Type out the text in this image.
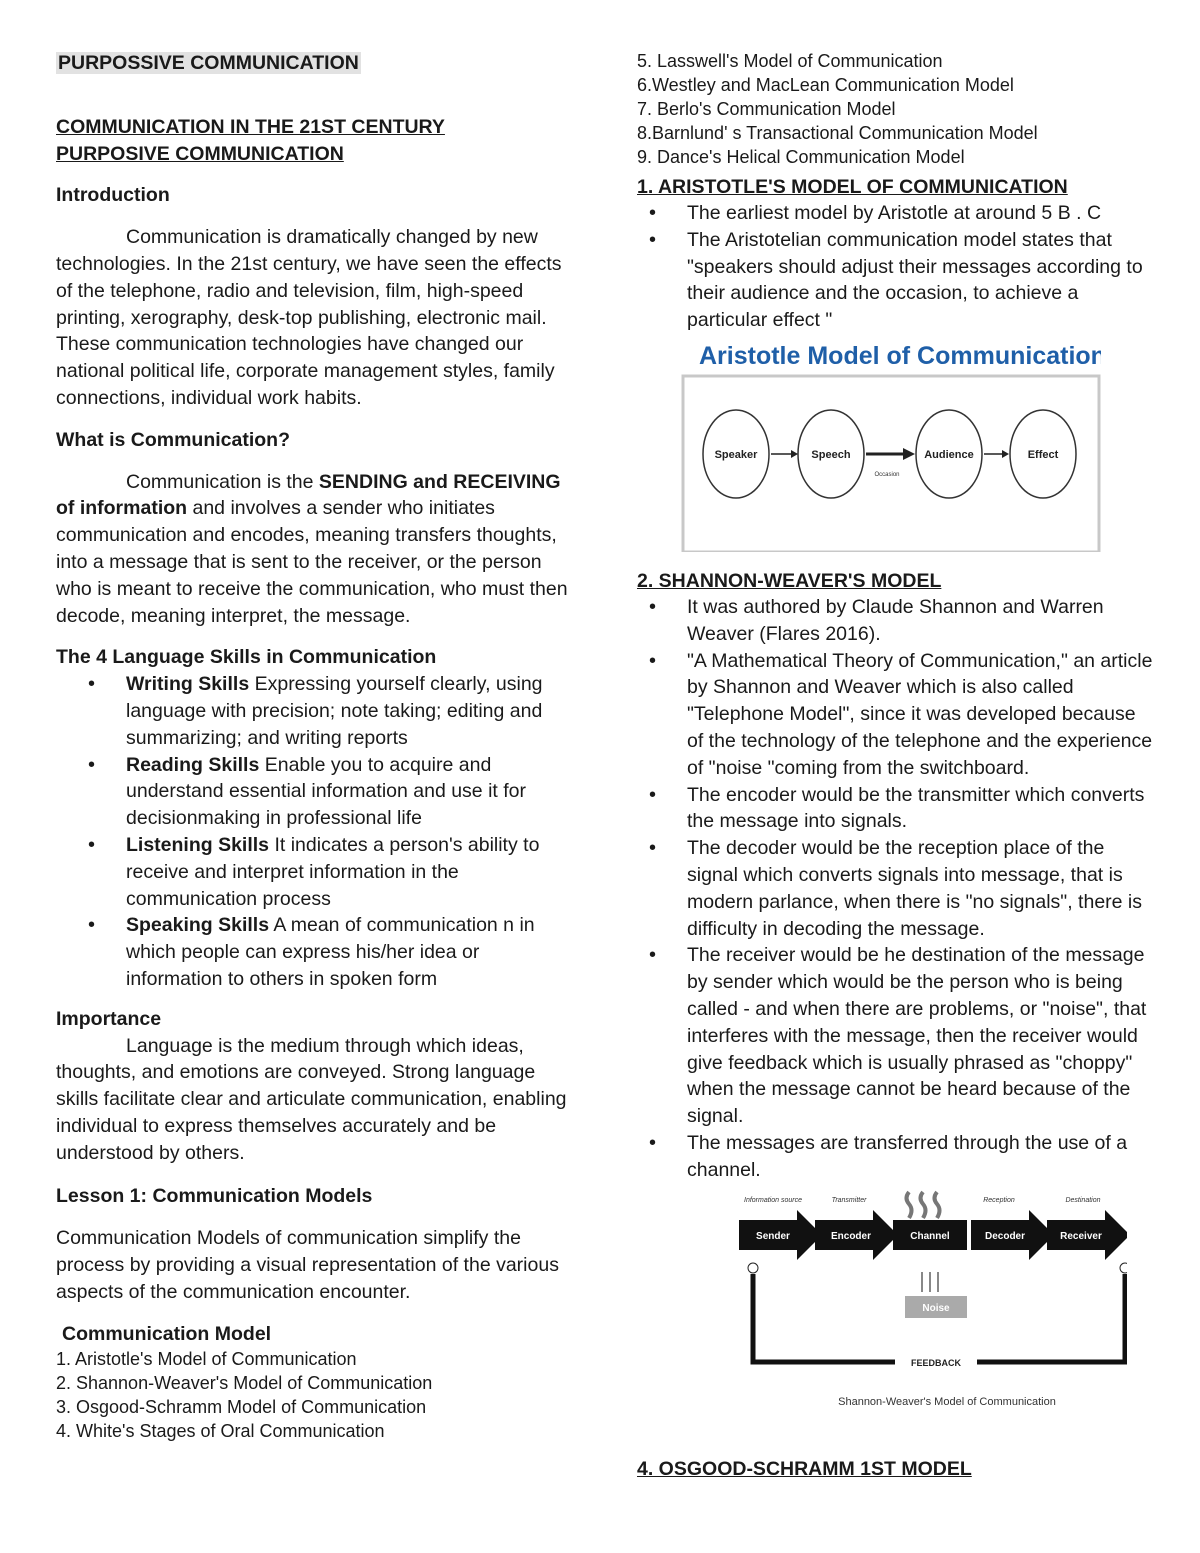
PURPOSSIVE COMMUNICATION

COMMUNICATION IN THE 21ST CENTURY

PURPOSIVE COMMUNICATION

Introduction

Communication is dramatically changed by new technologies. In the 21st century, we have seen the effects of the telephone, radio and television, film, high-speed printing, xerography, desk-top publishing, electronic mail. These communication technologies have changed our national political life, corporate management styles, family connections, individual work habits.

What is Communication?

Communication is the SENDING and RECEIVING of information and involves a sender who initiates communication and encodes, meaning transfers thoughts, into a message that is sent to the receiver, or the person who is meant to receive the communication, who must then decode, meaning interpret, the message.

The 4 Language Skills in Communication

• Writing Skills Expressing yourself clearly, using language with precision; note taking; editing and summarizing; and writing reports
• Reading Skills Enable you to acquire and understand essential information and use it for decisionmaking in professional life
• Listening Skills It indicates a person's ability to receive and interpret information in the communication process
• Speaking Skills A mean of communication n in which people can express his/her idea or information to others in spoken form

Importance

Language is the medium through which ideas, thoughts, and emotions are conveyed. Strong language skills facilitate clear and articulate communication, enabling individual to express themselves accurately and be understood by others.

Lesson 1: Communication Models

Communication Models of communication simplify the process by providing a visual representation of the various aspects of the communication encounter.

Communication Model

1. Aristotle's Model of Communication

2. Shannon-Weaver's Model of Communication

3. Osgood-Schramm Model of Communication

4. White's Stages of Oral Communication

5. Lasswell's Model of Communication

6.Westley and MacLean Communication Model

7. Berlo's Communication Model

8.Barnlund' s Transactional Communication Model

9. Dance's Helical Communication Model

1. ARISTOTLE'S MODEL OF COMMUNICATION

• The earliest model by Aristotle at around 5 B . C
• The Aristotelian communication model states that "speakers should adjust their messages according to their audience and the occasion, to achieve a particular effect "
Aristotle Model of Communication
Speaker	Speech	Audience	Effect
Occasion

2. SHANNON-WEAVER'S MODEL

• It was authored by Claude Shannon and Warren Weaver (Flares 2016).
• "A Mathematical Theory of Communication," an article by Shannon and Weaver which is also called "Telephone Model", since it was developed because of the technology of the telephone and the experience of "noise "coming from the switchboard.
• The encoder would be the transmitter which converts the message into signals.
• The decoder would be the reception place of the signal which converts signals into message, that is modern parlance, when there is "no signals", there is difficulty in decoding the message.
• The receiver would be he destination of the message by sender which would be the person who is being called - and when there are problems, or "noise", that interferes with the message, then the receiver would give feedback which is usually phrased as "choppy" when the message cannot be heard because of the signal.
• The messages are transferred through the use of a channel.
Information source	Transmitter	Reception	Destination
Sender	Encoder	Channel	Decoder	Receiver
Noise
FEEDBACK
Shannon-Weaver's Model of Communication

4. OSGOOD-SCHRAMM 1ST MODEL
